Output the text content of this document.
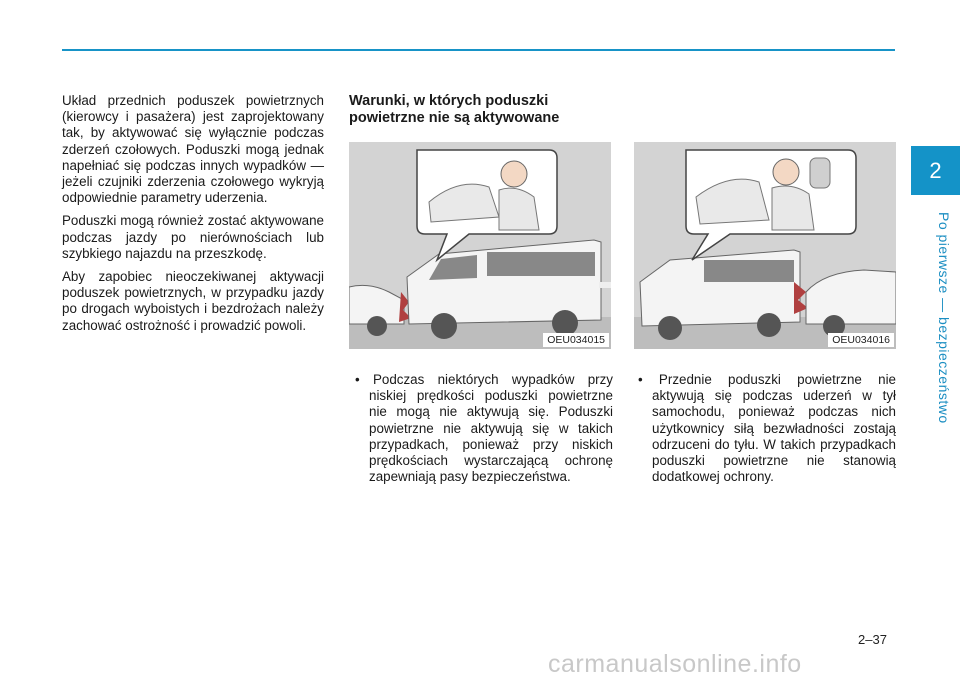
2
Po pierwsze — bezpieczeństwo

Układ przednich poduszek powietrznych (kierowcy i pasażera) jest zaprojektowany tak, by aktywować się wyłącznie podczas zderzeń czołowych. Poduszki mogą jednak napełniać się podczas innych wypadków — jeżeli czujniki zderzenia czołowego wykryją odpowiednie parametry uderzenia.

Poduszki mogą również zostać aktywowane podczas jazdy po nierównościach lub szybkiego najazdu na przeszkodę.

Aby zapobiec nieoczekiwanej aktywacji poduszek powietrznych, w przypadku jazdy po drogach wyboistych i bezdrożach należy zachować ostrożność i prowadzić powoli.

Warunki, w których poduszki
powietrzne nie są aktywowane
OEU034015	OEU034016
• Podczas niektórych wypadków przy niskiej prędkości poduszki powietrzne nie mogą nie aktywują się. Poduszki powietrzne nie aktywują się w takich przypadkach, ponieważ przy niskich prędkościach wystarczającą ochronę zapewniają pasy bezpieczeństwa.
• Przednie poduszki powietrzne nie aktywują się podczas uderzeń w tył samochodu, ponieważ podczas nich użytkownicy siłą bezwładności zostają odrzuceni do tyłu. W takich przypadkach poduszki powietrzne nie stanowią dodatkowej ochrony.
2–37
carmanualsonline.info
